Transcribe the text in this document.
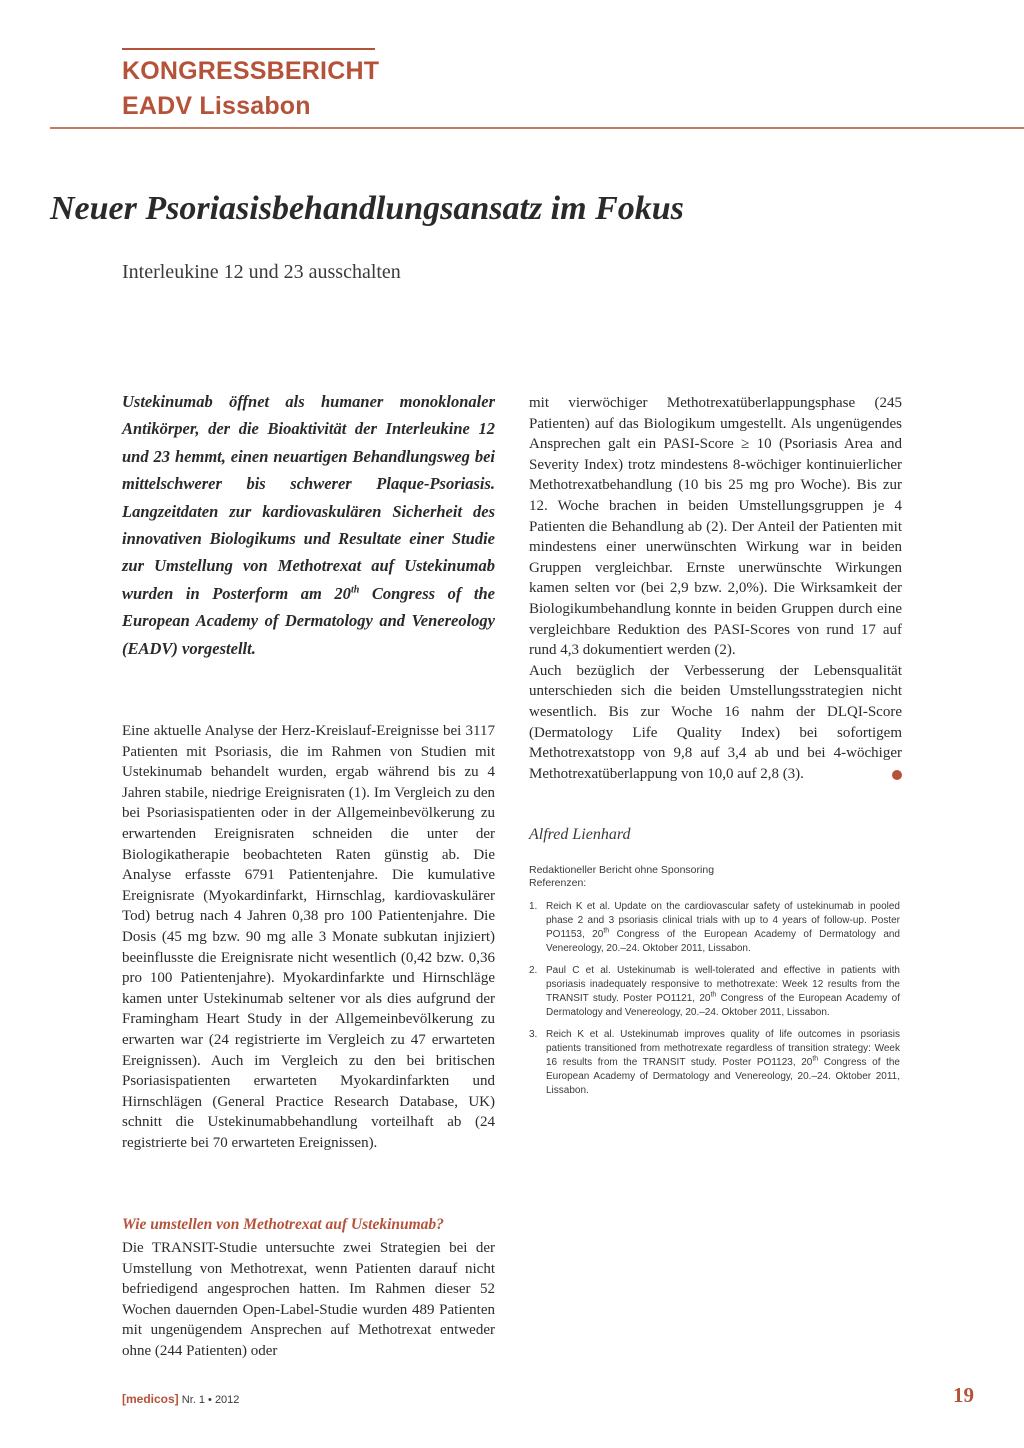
KONGRESSBERICHT
EADV Lissabon
Neuer Psoriasisbehandlungsansatz im Fokus
Interleukine 12 und 23 ausschalten
Ustekinumab öffnet als humaner monoklonaler Antikörper, der die Bioaktivität der Interleukine 12 und 23 hemmt, einen neuartigen Behandlungsweg bei mittelschwerer bis schwerer Plaque-Psoriasis. Langzeitdaten zur kardiovaskulären Sicherheit des innovativen Biologikums und Resultate einer Studie zur Umstellung von Methotrexat auf Ustekinumab wurden in Posterform am 20th Congress of the European Academy of Dermatology and Venereology (EADV) vorgestellt.

Eine aktuelle Analyse der Herz-Kreislauf-Ereignisse bei 3117 Patienten mit Psoriasis, die im Rahmen von Studien mit Ustekinumab behandelt wurden, ergab während bis zu 4 Jahren stabile, niedrige Ereignisraten (1). Im Vergleich zu den bei Psoriasispatienten oder in der Allgemeinbevölkerung zu erwartenden Ereignisraten schneiden die unter der Biologikatherapie beobachteten Raten günstig ab. Die Analyse erfasste 6791 Patientenjahre. Die kumulative Ereignisrate (Myokardinfarkt, Hirnschlag, kardiovaskulärer Tod) betrug nach 4 Jahren 0,38 pro 100 Patientenjahre. Die Dosis (45 mg bzw. 90 mg alle 3 Monate subkutan injiziert) beeinflusste die Ereignisrate nicht wesentlich (0,42 bzw. 0,36 pro 100 Patientenjahre). Myokardinfarkte und Hirnschläge kamen unter Ustekinumab seltener vor als dies aufgrund der Framingham Heart Study in der Allgemeinbevölkerung zu erwarten war (24 registrierte im Vergleich zu 47 erwarteten Ereignissen). Auch im Vergleich zu den bei britischen Psoriasispatienten erwarteten Myokardinfarkten und Hirnschlägen (General Practice Research Database, UK) schnitt die Ustekinumabbehandlung vorteilhaft ab (24 registrierte bei 70 erwarteten Ereignissen).

Wie umstellen von Methotrexat auf Ustekinumab?

Die TRANSIT-Studie untersuchte zwei Strategien bei der Umstellung von Methotrexat, wenn Patienten darauf nicht befriedigend angesprochen hatten. Im Rahmen dieser 52 Wochen dauernden Open-Label-Studie wurden 489 Patienten mit ungenügendem Ansprechen auf Methotrexat entweder ohne (244 Patienten) oder

mit vierwöchiger Methotrexatüberlappungsphase (245 Patienten) auf das Biologikum umgestellt. Als ungenügendes Ansprechen galt ein PASI-Score ≥ 10 (Psoriasis Area and Severity Index) trotz mindestens 8-wöchiger kontinuierlicher Methotrexatbehandlung (10 bis 25 mg pro Woche). Bis zur 12. Woche brachen in beiden Umstellungsgruppen je 4 Patienten die Behandlung ab (2). Der Anteil der Patienten mit mindestens einer unerwünschten Wirkung war in beiden Gruppen vergleichbar. Ernste unerwünschte Wirkungen kamen selten vor (bei 2,9 bzw. 2,0%). Die Wirksamkeit der Biologikumbehandlung konnte in beiden Gruppen durch eine vergleichbare Reduktion des PASI-Scores von rund 17 auf rund 4,3 dokumentiert werden (2).

Auch bezüglich der Verbesserung der Lebensqualität unterschieden sich die beiden Umstellungsstrategien nicht wesentlich. Bis zur Woche 16 nahm der DLQI-Score (Dermatology Life Quality Index) bei sofortigem Methotrexatstopp von 9,8 auf 3,4 ab und bei 4-wöchiger Methotrexatüberlappung von 10,0 auf 2,8 (3).

Alfred Lienhard
Redaktioneller Bericht ohne Sponsoring
Referenzen:
1. Reich K et al. Update on the cardiovascular safety of ustekinumab in pooled phase 2 and 3 psoriasis clinical trials with up to 4 years of follow-up. Poster PO1153, 20th Congress of the European Academy of Dermatology and Venereology, 20.–24. Oktober 2011, Lissabon.
2. Paul C et al. Ustekinumab is well-tolerated and effective in patients with psoriasis inadequately responsive to methotrexate: Week 12 results from the TRANSIT study. Poster PO1121, 20th Congress of the European Academy of Dermatology and Venereology, 20.–24. Oktober 2011, Lissabon.
3. Reich K et al. Ustekinumab improves quality of life outcomes in psoriasis patients transitioned from methotrexate regardless of transition strategy: Week 16 results from the TRANSIT study. Poster PO1123, 20th Congress of the European Academy of Dermatology and Venereology, 20.–24. Oktober 2011, Lissabon.
[medicos] Nr. 1 • 2012	19
